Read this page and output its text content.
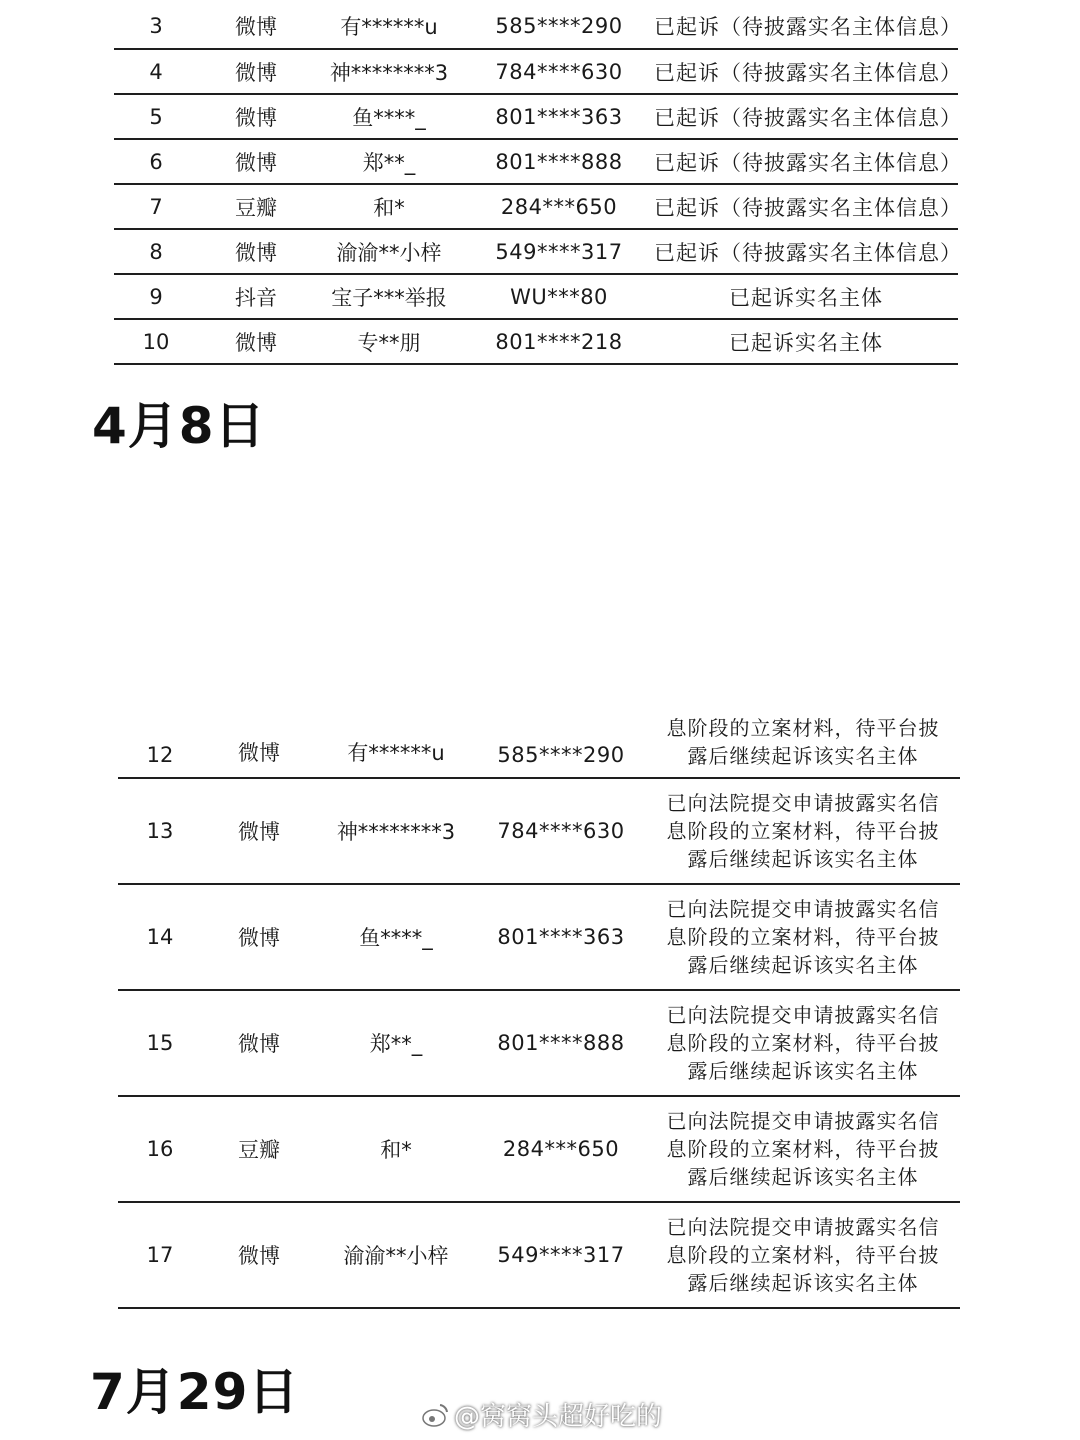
3	微博	有******u	585****290	已起诉（待披露实名主体信息）
4	微博	神********3	784****630	已起诉（待披露实名主体信息）
5	微博	鱼****_	801****363	已起诉（待披露实名主体信息）
6	微博	郑**_	801****888	已起诉（待披露实名主体信息）
7	豆瓣	和*	284***650	已起诉（待披露实名主体信息）
8	微博	渝渝**小梓	549****317	已起诉（待披露实名主体信息）
9	抖音	宝子***举报	WU***80	已起诉实名主体
10	微博	专**朋	801****218	已起诉实名主体
4月8日
12	微博	有******u	585****290	息阶段的立案材料，待平台披
露后继续起诉该实名主体

13	微博	神********3	784****630	已向法院提交申请披露实名信
息阶段的立案材料，待平台披
露后继续起诉该实名主体

14	微博	鱼****_	801****363	已向法院提交申请披露实名信
息阶段的立案材料，待平台披
露后继续起诉该实名主体

15	微博	郑**_	801****888	已向法院提交申请披露实名信
息阶段的立案材料，待平台披
露后继续起诉该实名主体

16	豆瓣	和*	284***650	已向法院提交申请披露实名信
息阶段的立案材料，待平台披
露后继续起诉该实名主体

17	微博	渝渝**小梓	549****317	已向法院提交申请披露实名信
息阶段的立案材料，待平台披
露后继续起诉该实名主体
7月29日	@窝窝头超好吃的
